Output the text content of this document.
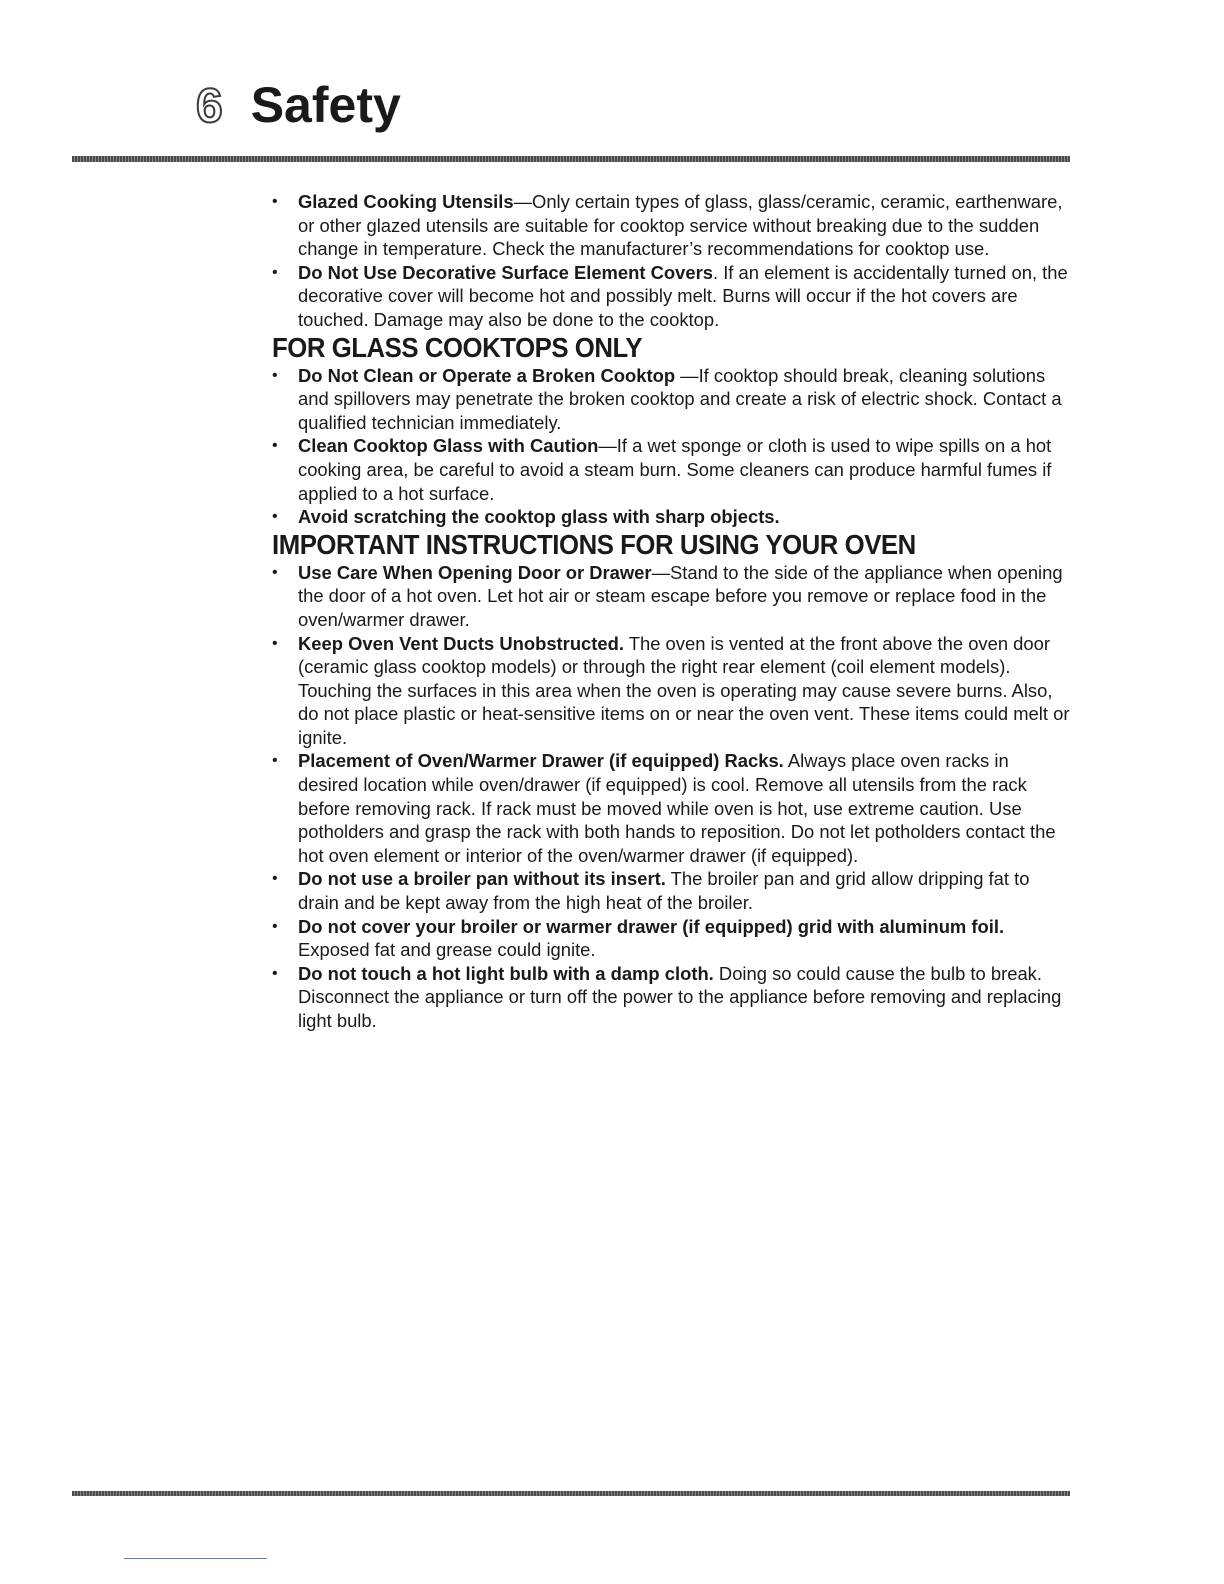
6 Safety
• Glazed Cooking Utensils—Only certain types of glass, glass/ceramic, ceramic, earthenware, or other glazed utensils are suitable for cooktop service without breaking due to the sudden change in temperature. Check the manufacturer’s recommendations for cooktop use.
• Do Not Use Decorative Surface Element Covers. If an element is accidentally turned on, the decorative cover will become hot and possibly melt. Burns will occur if the hot covers are touched. Damage may also be done to the cooktop.
FOR GLASS COOKTOPS ONLY
• Do Not Clean or Operate a Broken Cooktop —If cooktop should break, cleaning solutions and spillovers may penetrate the broken cooktop and create a risk of electric shock. Contact a qualified technician immediately.
• Clean Cooktop Glass with Caution—If a wet sponge or cloth is used to wipe spills on a hot cooking area, be careful to avoid a steam burn. Some cleaners can produce harmful fumes if applied to a hot surface.
• Avoid scratching the cooktop glass with sharp objects.
IMPORTANT INSTRUCTIONS FOR USING YOUR OVEN
• Use Care When Opening Door or Drawer—Stand to the side of the appliance when opening the door of a hot oven. Let hot air or steam escape before you remove or replace food in the oven/warmer drawer.
• Keep Oven Vent Ducts Unobstructed. The oven is vented at the front above the oven door (ceramic glass cooktop models) or through the right rear element (coil element models). Touching the surfaces in this area when the oven is operating may cause severe burns. Also, do not place plastic or heat-sensitive items on or near the oven vent. These items could melt or ignite.
• Placement of Oven/Warmer Drawer (if equipped) Racks. Always place oven racks in desired location while oven/drawer (if equipped) is cool. Remove all utensils from the rack before removing rack. If rack must be moved while oven is hot, use extreme caution. Use potholders and grasp the rack with both hands to reposition. Do not let potholders contact the hot oven element or interior of the oven/warmer drawer (if equipped).
• Do not use a broiler pan without its insert. The broiler pan and grid allow dripping fat to drain and be kept away from the high heat of the broiler.
• Do not cover your broiler or warmer drawer (if equipped) grid with aluminum foil. Exposed fat and grease could ignite.
• Do not touch a hot light bulb with a damp cloth. Doing so could cause the bulb to break. Disconnect the appliance or turn off the power to the appliance before removing and replacing light bulb.
